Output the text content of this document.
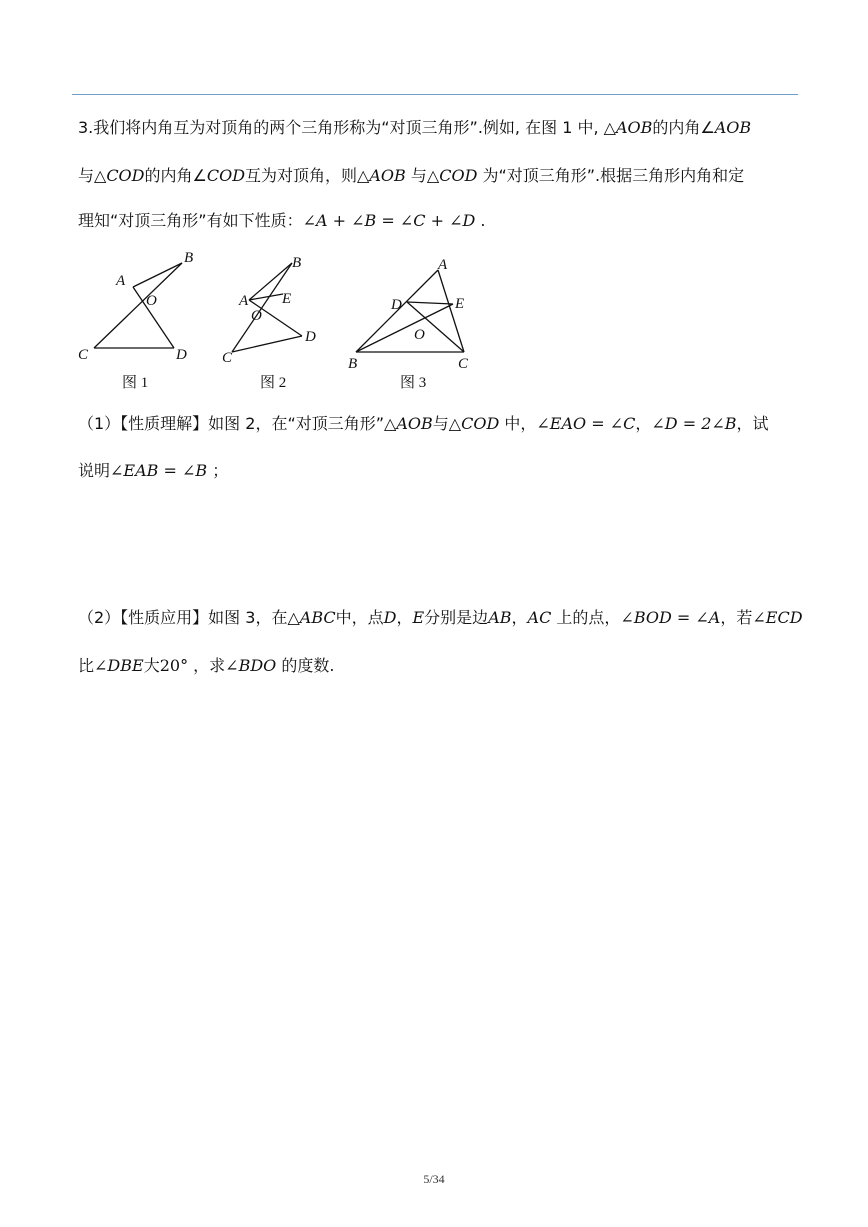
3.我们将内角互为对顶角的两个三角形称为“对顶三角形”.例如, 在图 1 中, △AOB的内角∠AOB
与△COD的内角∠COD互为对顶角，则△AOB 与△COD 为“对顶三角形”.根据三角形内角和定
理知“对顶三角形”有如下性质：∠A + ∠B = ∠C + ∠D .
A
B
O
C	D
图 1
A
B
E
O
C
D
图 2
A
D	E
O
B	C
图 3
（1）【性质理解】如图 2，在“对顶三角形”△AOB与△COD 中，∠EAO = ∠C，∠D = 2∠B，试
说明∠EAB = ∠B ；
（2）【性质应用】如图 3，在△ABC中，点D，E分别是边AB，AC 上的点，∠BOD = ∠A，若∠ECD
比∠DBE大20° ，求∠BDO 的度数.
5/34
